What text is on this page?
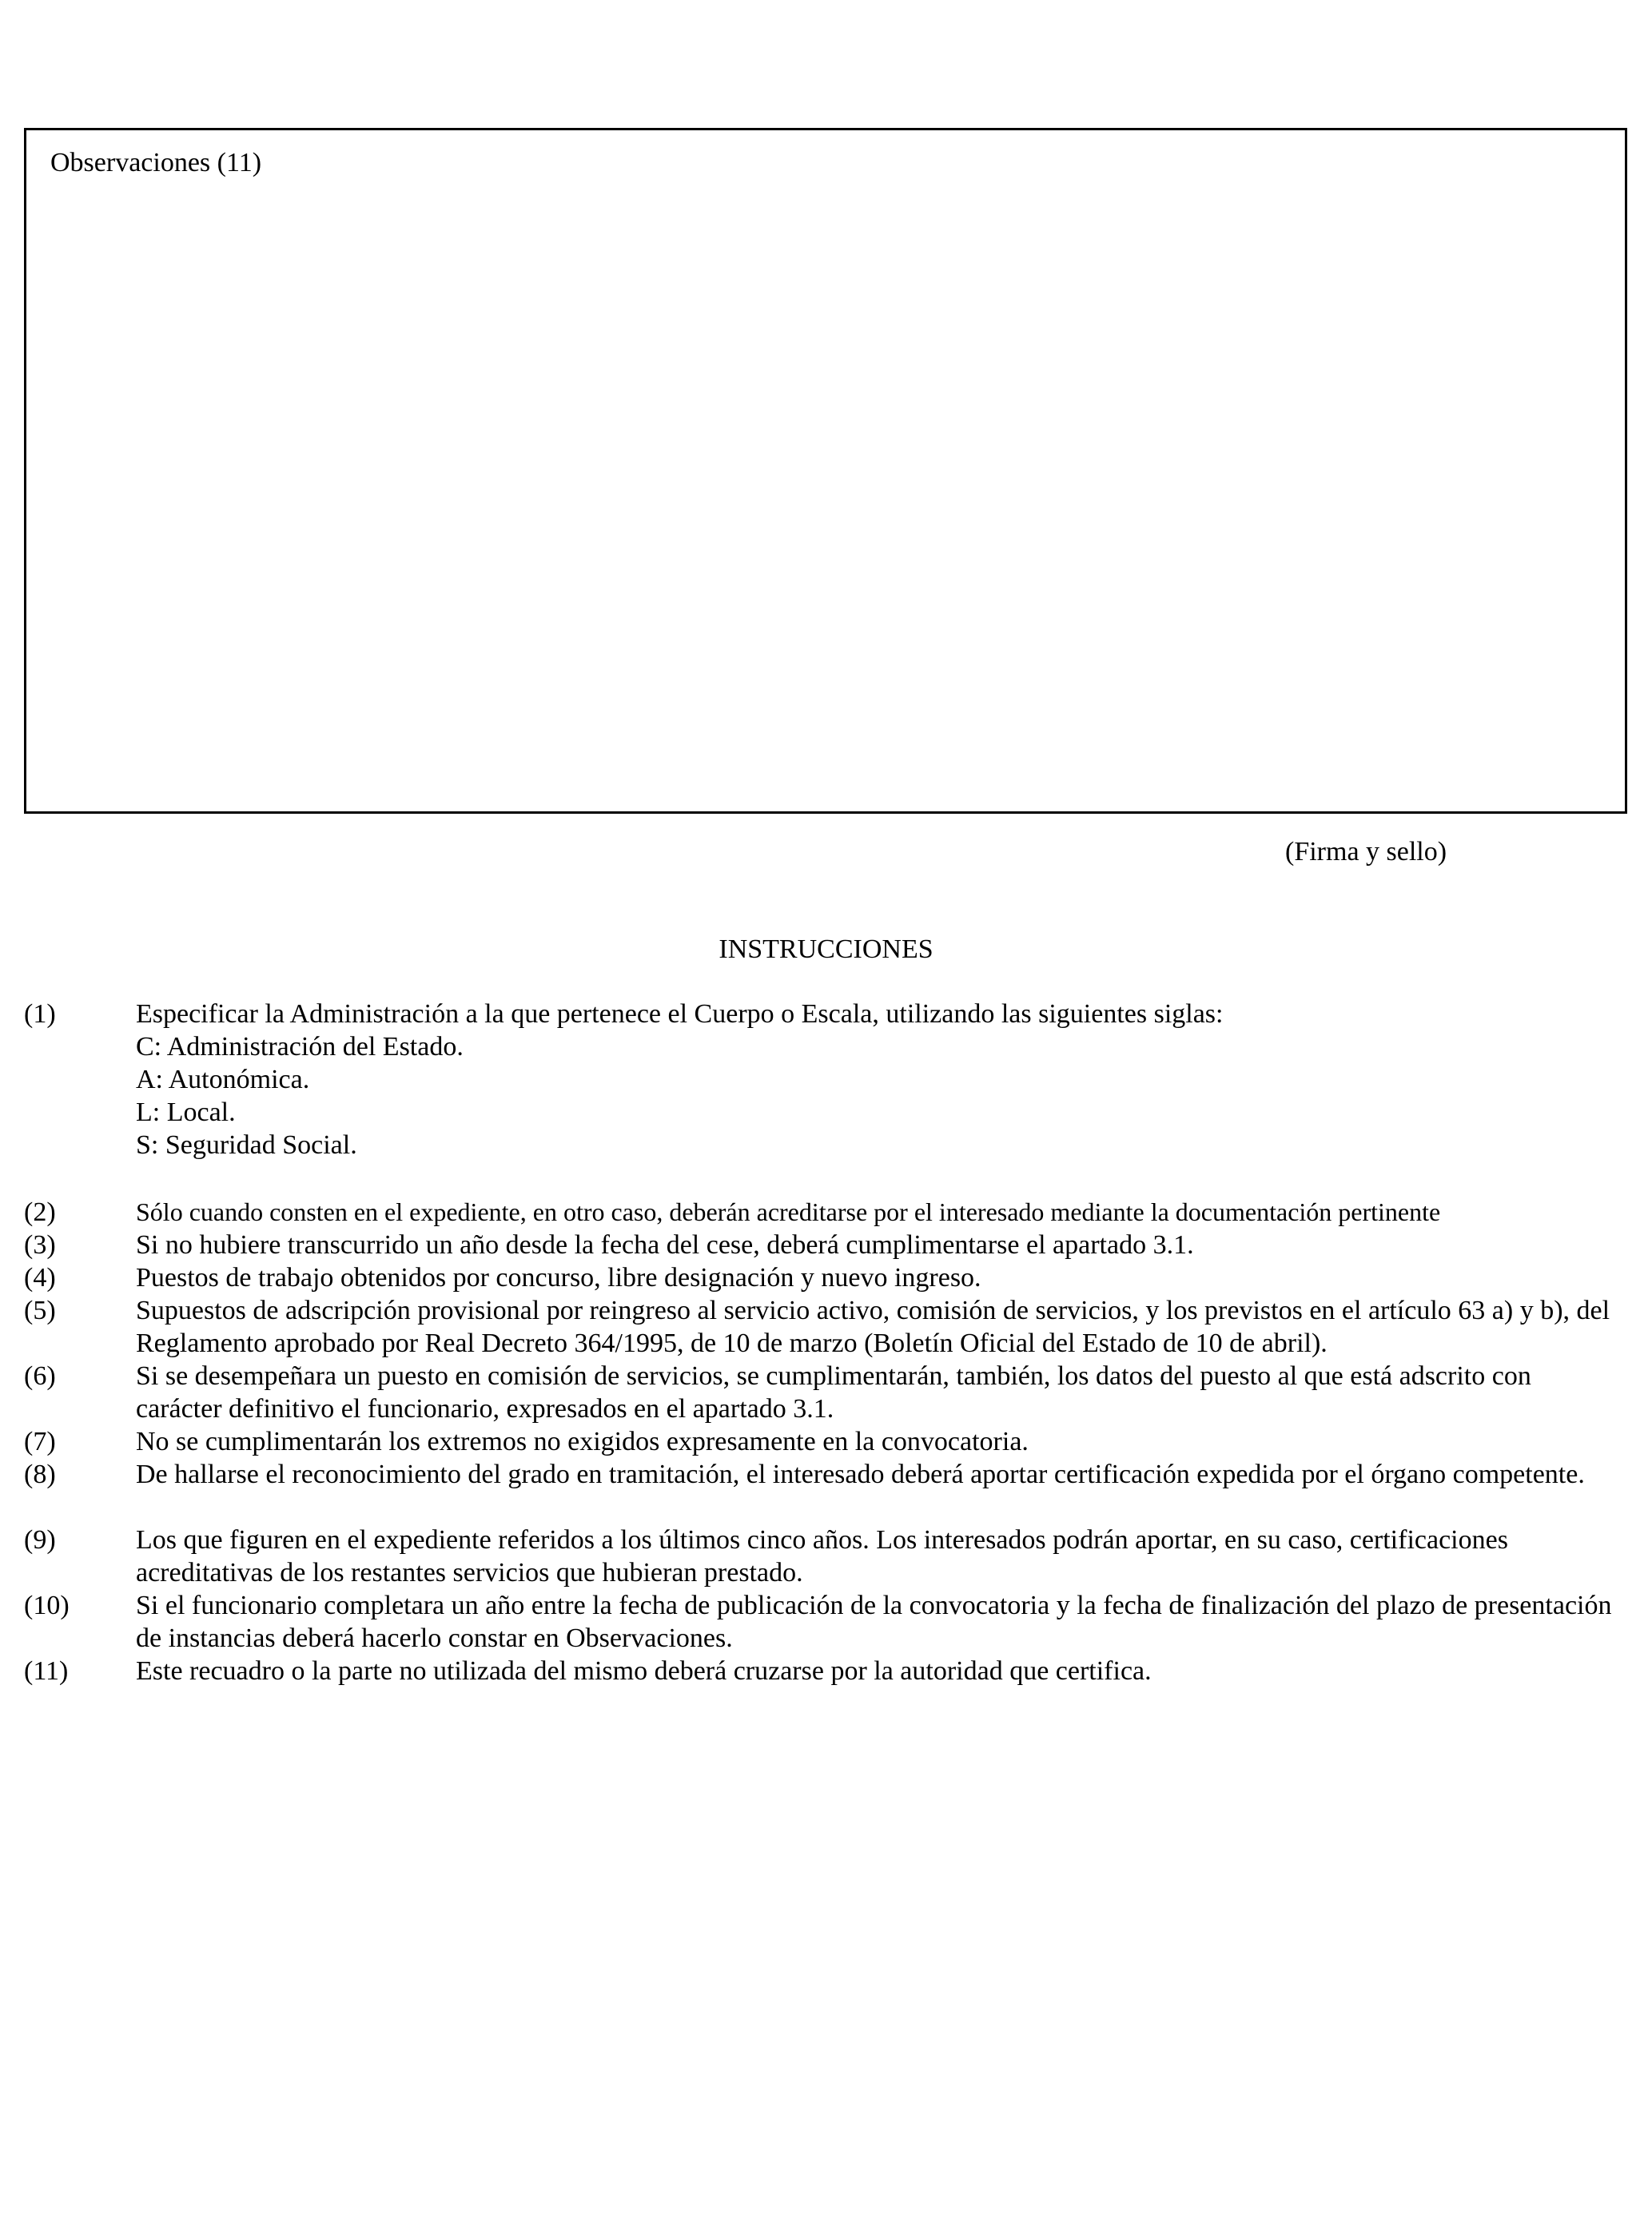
Observaciones (11)
(Firma y sello)
INSTRUCCIONES
(1)	Especificar la Administración a la que pertenece el Cuerpo o Escala, utilizando las siguientes siglas:
C: Administración del Estado.
A: Autonómica.
L: Local.
S: Seguridad Social.
(2)	Sólo cuando consten en el expediente, en otro caso, deberán acreditarse por el interesado mediante la documentación pertinente
(3)	Si no hubiere transcurrido un año desde la fecha del cese, deberá cumplimentarse el apartado 3.1.
(4)	Puestos de trabajo obtenidos por concurso, libre designación y nuevo ingreso.
(5)	Supuestos de adscripción provisional por reingreso al servicio activo, comisión de servicios, y los previstos en el artículo 63 a) y b), del Reglamento aprobado por Real Decreto 364/1995, de 10 de marzo (Boletín Oficial del Estado de 10 de abril).
(6)	Si se desempeñara un puesto en comisión de servicios, se cumplimentarán, también, los datos del puesto al que está adscrito con carácter definitivo el funcionario, expresados en el apartado 3.1.
(7)	No se cumplimentarán los extremos no exigidos expresamente en la convocatoria.
(8)	De hallarse el reconocimiento del grado en tramitación, el interesado deberá aportar certificación expedida por el órgano competente.
(9)	Los que figuren en el expediente referidos a los últimos cinco años. Los interesados podrán aportar, en su caso, certificaciones acreditativas de los restantes servicios que hubieran prestado.
(10) Si el funcionario completara un año entre la fecha de publicación de la convocatoria y la fecha de finalización del plazo de presentación de instancias deberá hacerlo constar en Observaciones.
(11) Este recuadro o la parte no utilizada del mismo deberá cruzarse por la autoridad que certifica.
